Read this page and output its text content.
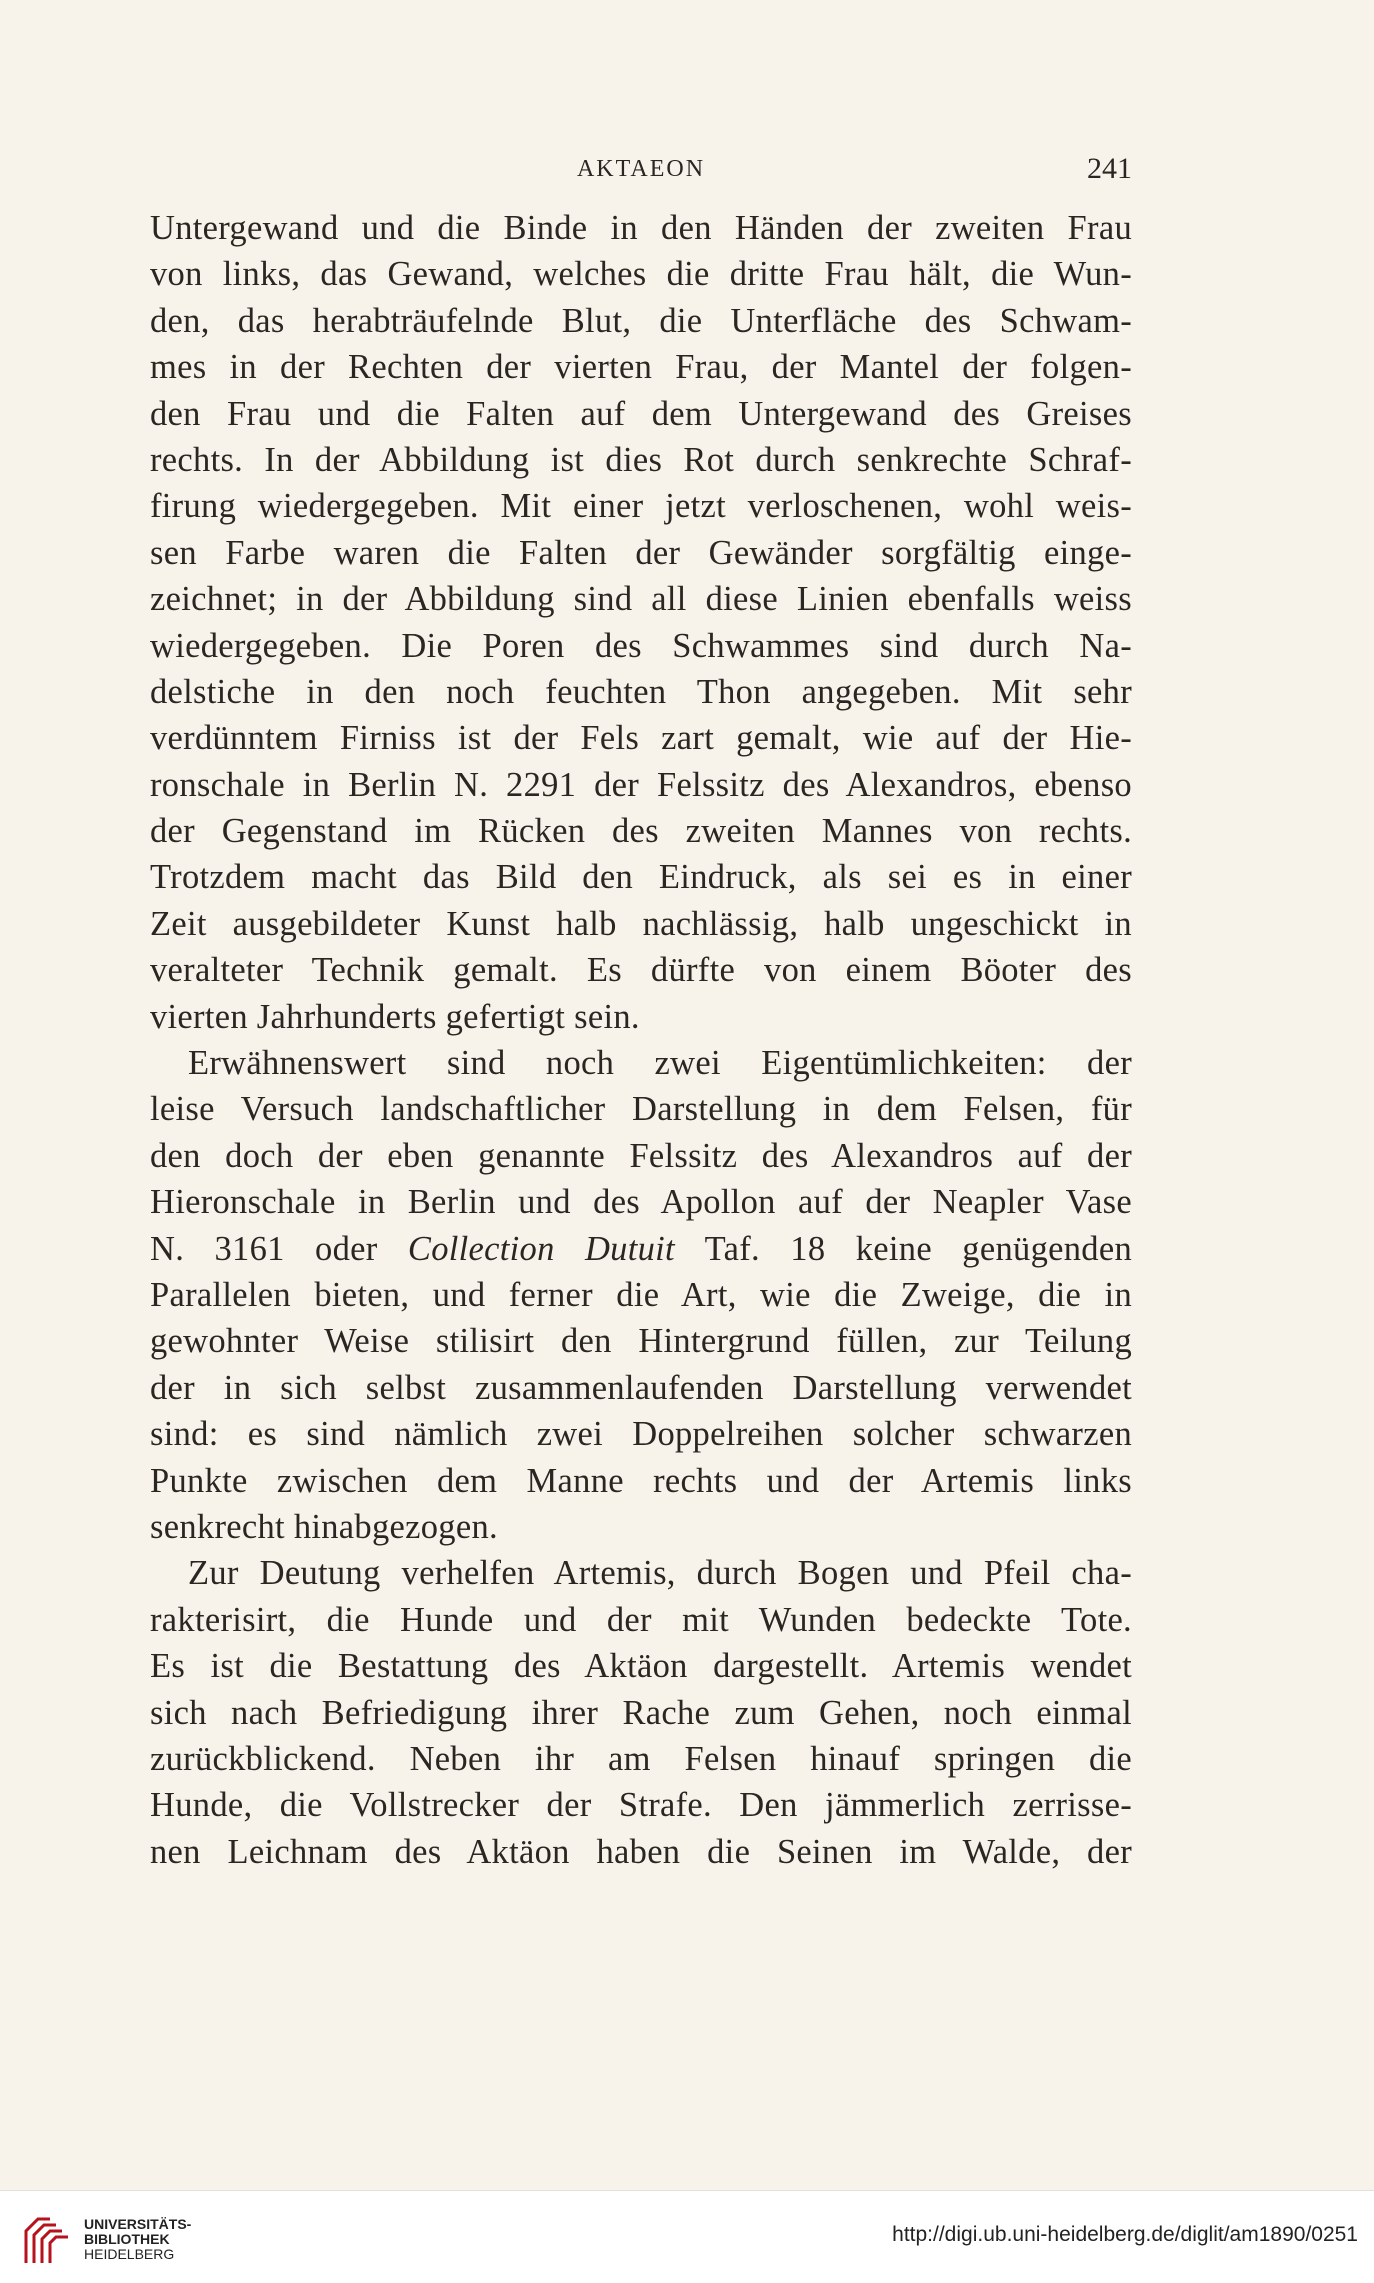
AKTAEON	241
Untergewand und die Binde in den Händen der zweiten Frau
von links, das Gewand, welches die dritte Frau hält, die Wun-
den, das herabträufelnde Blut, die Unterfläche des Schwam-
mes in der Rechten der vierten Frau, der Mantel der folgen-
den Frau und die Falten auf dem Untergewand des Greises
rechts. In der Abbildung ist dies Rot durch senkrechte Schraf-
firung wiedergegeben. Mit einer jetzt verloschenen, wohl weis-
sen Farbe waren die Falten der Gewänder sorgfältig einge-
zeichnet; in der Abbildung sind all diese Linien ebenfalls weiss
wiedergegeben. Die Poren des Schwammes sind durch Na-
delstiche in den noch feuchten Thon angegeben. Mit sehr
verdünntem Firniss ist der Fels zart gemalt, wie auf der Hie-
ronschale in Berlin N. 2291 der Felssitz des Alexandros, ebenso
der Gegenstand im Rücken des zweiten Mannes von rechts.
Trotzdem macht das Bild den Eindruck, als sei es in einer
Zeit ausgebildeter Kunst halb nachlässig, halb ungeschickt in
veralteter Technik gemalt. Es dürfte von einem Böoter des
vierten Jahrhunderts gefertigt sein.
Erwähnenswert sind noch zwei Eigentümlichkeiten: der
leise Versuch landschaftlicher Darstellung in dem Felsen, für
den doch der eben genannte Felssitz des Alexandros auf der
Hieronschale in Berlin und des Apollon auf der Neapler Vase
N. 3161 oder Collection Dutuit Taf. 18 keine genügenden
Parallelen bieten, und ferner die Art, wie die Zweige, die in
gewohnter Weise stilisirt den Hintergrund füllen, zur Teilung
der in sich selbst zusammenlaufenden Darstellung verwendet
sind: es sind nämlich zwei Doppelreihen solcher schwarzen
Punkte zwischen dem Manne rechts und der Artemis links
senkrecht hinabgezogen.
Zur Deutung verhelfen Artemis, durch Bogen und Pfeil cha-
rakterisirt, die Hunde und der mit Wunden bedeckte Tote.
Es ist die Bestattung des Aktäon dargestellt. Artemis wendet
sich nach Befriedigung ihrer Rache zum Gehen, noch einmal
zurückblickend. Neben ihr am Felsen hinauf springen die
Hunde, die Vollstrecker der Strafe. Den jämmerlich zerrisse-
nen Leichnam des Aktäon haben die Seinen im Walde, der
UNIVERSITÄTS-
BIBLIOTHEK
HEIDELBERG
http://digi.ub.uni-heidelberg.de/diglit/am1890/0251
